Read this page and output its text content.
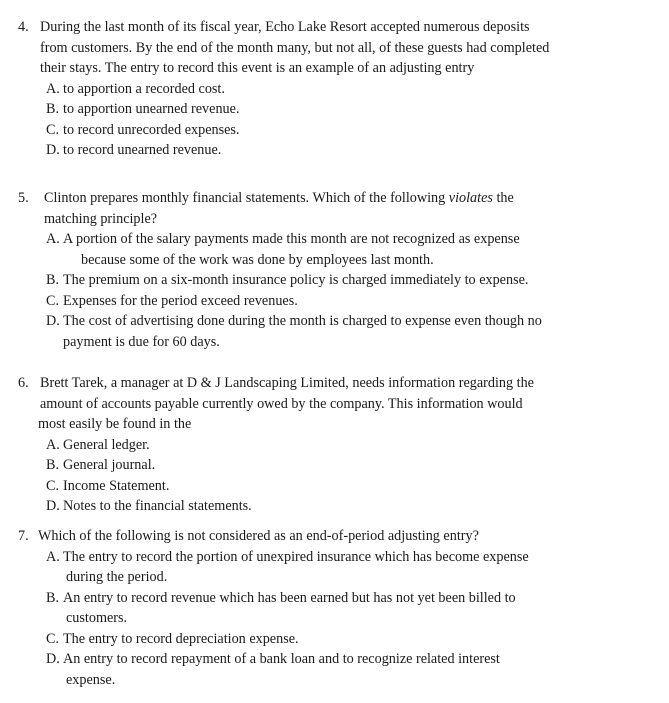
4. During the last month of its fiscal year, Echo Lake Resort accepted numerous deposits
from customers. By the end of the month many, but not all, of these guests had completed
their stays. The entry to record this event is an example of an adjusting entry
A. to apportion a recorded cost.
B. to apportion unearned revenue.
C. to record unrecorded expenses.
D. to record unearned revenue.
5. Clinton prepares monthly financial statements. Which of the following violates the
matching principle?
A. A portion of the salary payments made this month are not recognized as expense
because some of the work was done by employees last month.
B. The premium on a six-month insurance policy is charged immediately to expense.
C. Expenses for the period exceed revenues.
D. The cost of advertising done during the month is charged to expense even though no
payment is due for 60 days.
6. Brett Tarek, a manager at D & J Landscaping Limited, needs information regarding the
amount of accounts payable currently owed by the company. This information would
most easily be found in the
A. General ledger.
B. General journal.
C. Income Statement.
D. Notes to the financial statements.
7. Which of the following is not considered as an end-of-period adjusting entry?
A. The entry to record the portion of unexpired insurance which has become expense
during the period.
B. An entry to record revenue which has been earned but has not yet been billed to
customers.
C. The entry to record depreciation expense.
D. An entry to record repayment of a bank loan and to recognize related interest
expense.
